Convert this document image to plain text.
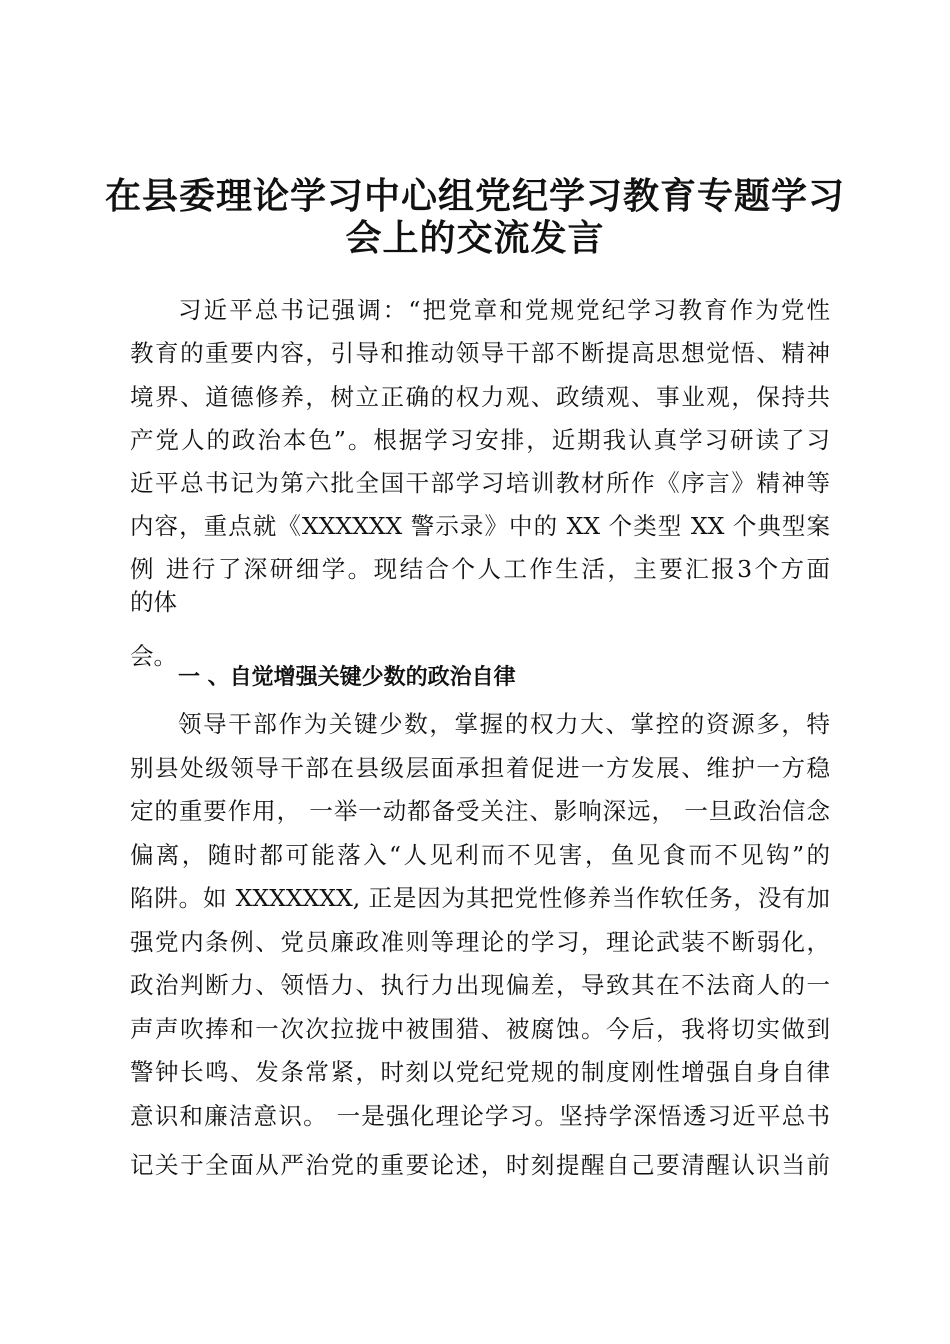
在县委理论学习中心组党纪学习教育专题学习
会上的交流发言

习近平总书记强调：“把党章和党规党纪学习教育作为党性

教育的重要内容，引导和推动领导干部不断提高思想觉悟、精神

境界、道德修养，树立正确的权力观、政绩观、事业观，保持共

产党人的政治本色”。根据学习安排，近期我认真学习研读了习

近平总书记为第六批全国干部学习培训教材所作《序言》精神等

内容，重点就《XXXXXX 警示录》中的 XX 个类型 XX 个典型案

例 进行了深研细学。现结合个人工作生活，主要汇报3个方面

的体

会。

一 、自觉增强关键少数的政治自律

领导干部作为关键少数，掌握的权力大、掌控的资源多，特

别县处级领导干部在县级层面承担着促进一方发展、维护一方稳

定的重要作用， 一举一动都备受关注、影响深远， 一旦政治信念

偏离，随时都可能落入“人见利而不见害，鱼见食而不见钩”的

陷阱。如 XXXXXXX, 正是因为其把党性修养当作软任务，没有加

强党内条例、党员廉政准则等理论的学习，理论武装不断弱化，

政治判断力、领悟力、执行力出现偏差，导致其在不法商人的一

声声吹捧和一次次拉拢中被围猎、被腐蚀。今后，我将切实做到

警钟长鸣、发条常紧，时刻以党纪党规的制度刚性增强自身自律

意识和廉洁意识。 一是强化理论学习。坚持学深悟透习近平总书

记关于全面从严治党的重要论述，时刻提醒自己要清醒认识当前
